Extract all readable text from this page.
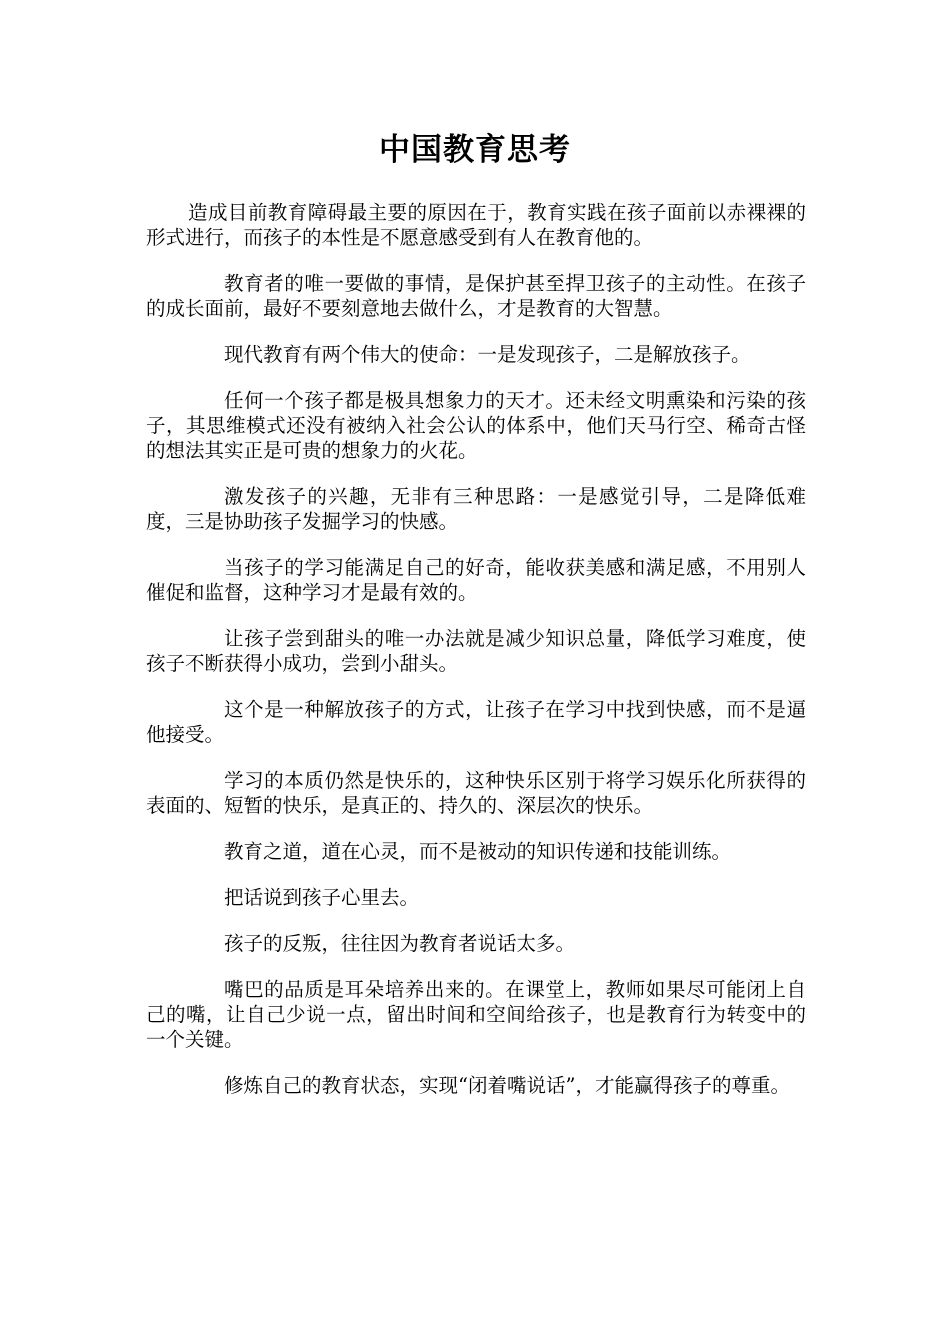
中国教育思考

造成目前教育障碍最主要的原因在于，教育实践在孩子面前以赤裸裸的形式进行，而孩子的本性是不愿意感受到有人在教育他的。

教育者的唯一要做的事情，是保护甚至捍卫孩子的主动性。在孩子的成长面前，最好不要刻意地去做什么，才是教育的大智慧。

现代教育有两个伟大的使命：一是发现孩子，二是解放孩子。

任何一个孩子都是极具想象力的天才。还未经文明熏染和污染的孩子，其思维模式还没有被纳入社会公认的体系中，他们天马行空、稀奇古怪的想法其实正是可贵的想象力的火花。

激发孩子的兴趣，无非有三种思路：一是感觉引导，二是降低难度，三是协助孩子发掘学习的快感。

当孩子的学习能满足自己的好奇，能收获美感和满足感，不用别人催促和监督，这种学习才是最有效的。

让孩子尝到甜头的唯一办法就是减少知识总量，降低学习难度，使孩子不断获得小成功，尝到小甜头。

这个是一种解放孩子的方式，让孩子在学习中找到快感，而不是逼他接受。

学习的本质仍然是快乐的，这种快乐区别于将学习娱乐化所获得的表面的、短暂的快乐，是真正的、持久的、深层次的快乐。

教育之道，道在心灵，而不是被动的知识传递和技能训练。

把话说到孩子心里去。

孩子的反叛，往往因为教育者说话太多。

嘴巴的品质是耳朵培养出来的。在课堂上，教师如果尽可能闭上自己的嘴，让自己少说一点，留出时间和空间给孩子，也是教育行为转变中的一个关键。

修炼自己的教育状态，实现“闭着嘴说话”，才能赢得孩子的尊重。
